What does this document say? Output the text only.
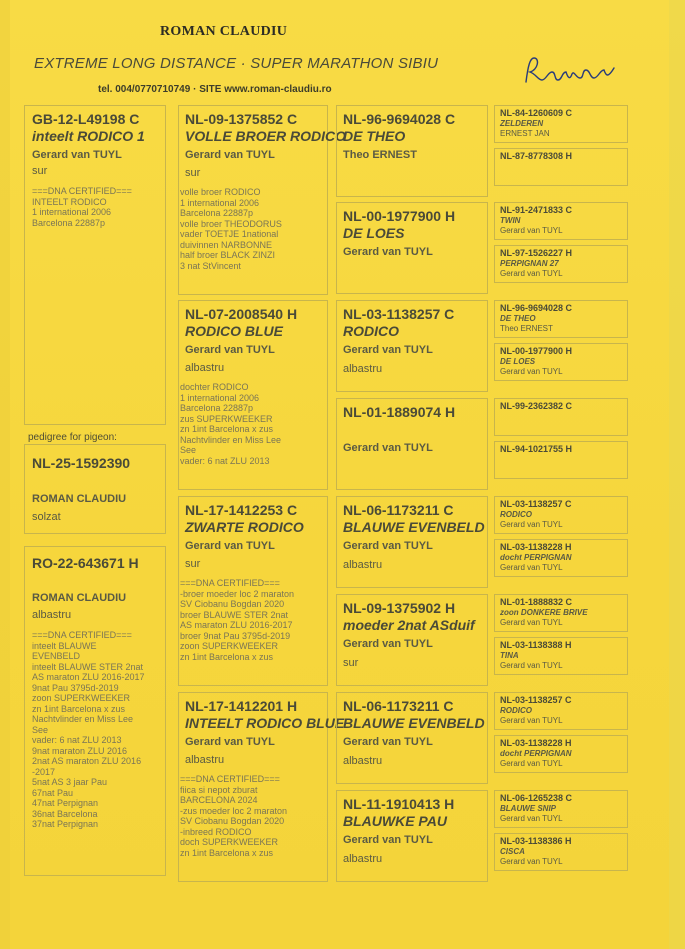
ROMAN CLAUDIU
EXTREME LONG DISTANCE · SUPER MARATHON SIBIU
tel. 004/0770710749 · SITE www.roman-claudiu.ro
GB-12-L49198 C
inteelt RODICO 1
Gerard van TUYL
sur
===DNA CERTIFIED===
INTEELT RODICO
1 international 2006
Barcelona 22887p
pedigree for pigeon:
NL-25-1592390
ROMAN CLAUDIU
solzat
RO-22-643671 H
ROMAN CLAUDIU
albastru
===DNA CERTIFIED===
inteelt BLAUWE
EVENBELD
inteelt BLAUWE STER 2nat
AS maraton ZLU 2016-2017
9nat Pau 3795d-2019
zoon SUPERKWEEKER
zn 1int Barcelona x zus
Nachtvlinder en Miss Lee
See
vader: 6 nat ZLU 2013
9nat maraton ZLU 2016
2nat AS maraton ZLU 2016
-2017
5nat AS 3 jaar Pau
67nat Pau
47nat Perpignan
36nat Barcelona
37nat Perpignan
NL-09-1375852 C
VOLLE BROER RODICO
Gerard van TUYL
sur
volle broer RODICO
1 international 2006
Barcelona 22887p
volle broer THEODORUS
vader TOETJE 1national
duivinnen NARBONNE
half broer BLACK ZINZI
3 nat StVincent
NL-07-2008540 H
RODICO BLUE
Gerard van TUYL
albastru
dochter RODICO
1 international 2006
Barcelona 22887p
zus SUPERKWEEKER
zn 1int Barcelona x zus
Nachtvlinder en Miss Lee
See
vader: 6 nat ZLU 2013
NL-17-1412253 C
ZWARTE RODICO
Gerard van TUYL
sur
===DNA CERTIFIED===
-broer moeder loc 2 maraton
SV Ciobanu Bogdan 2020
broer BLAUWE STER 2nat
AS maraton ZLU 2016-2017
broer 9nat Pau 3795d-2019
zoon SUPERKWEEKER
zn 1int Barcelona x zus
NL-17-1412201 H
INTEELT RODICO BLUE
Gerard van TUYL
albastru
===DNA CERTIFIED===
fiica si nepot zburat
BARCELONA 2024
-zus moeder loc 2 maraton
SV Ciobanu Bogdan 2020
-inbreed RODICO
doch SUPERKWEEKER
zn 1int Barcelona x zus
NL-96-9694028 C
DE THEO
Theo ERNEST
NL-00-1977900 H
DE LOES
Gerard van TUYL
NL-03-1138257 C
RODICO
Gerard van TUYL
albastru
NL-01-1889074 H
Gerard van TUYL
NL-06-1173211 C
BLAUWE EVENBELD
Gerard van TUYL
albastru
NL-09-1375902 H
moeder 2nat ASduif
Gerard van TUYL
sur
NL-06-1173211 C
BLAUWE EVENBELD
Gerard van TUYL
albastru
NL-11-1910413 H
BLAUWKE PAU
Gerard van TUYL
albastru
NL-84-1260609 C
ZELDEREN
ERNEST JAN
NL-87-8778308 H
NL-91-2471833 C
TWIN
Gerard van TUYL
NL-97-1526227 H
PERPIGNAN 27
Gerard van TUYL
NL-96-9694028 C
DE THEO
Theo ERNEST
NL-00-1977900 H
DE LOES
Gerard van TUYL
NL-99-2362382 C
NL-94-1021755 H
NL-03-1138257 C
RODICO
Gerard van TUYL
NL-03-1138228 H
docht PERPIGNAN
Gerard van TUYL
NL-01-1888832 C
zoon DONKERE BRIVE
Gerard van TUYL
NL-03-1138388 H
TINA
Gerard van TUYL
NL-03-1138257 C
RODICO
Gerard van TUYL
NL-03-1138228 H
docht PERPIGNAN
Gerard van TUYL
NL-06-1265238 C
BLAUWE SNIP
Gerard van TUYL
NL-03-1138386 H
CISCA
Gerard van TUYL
